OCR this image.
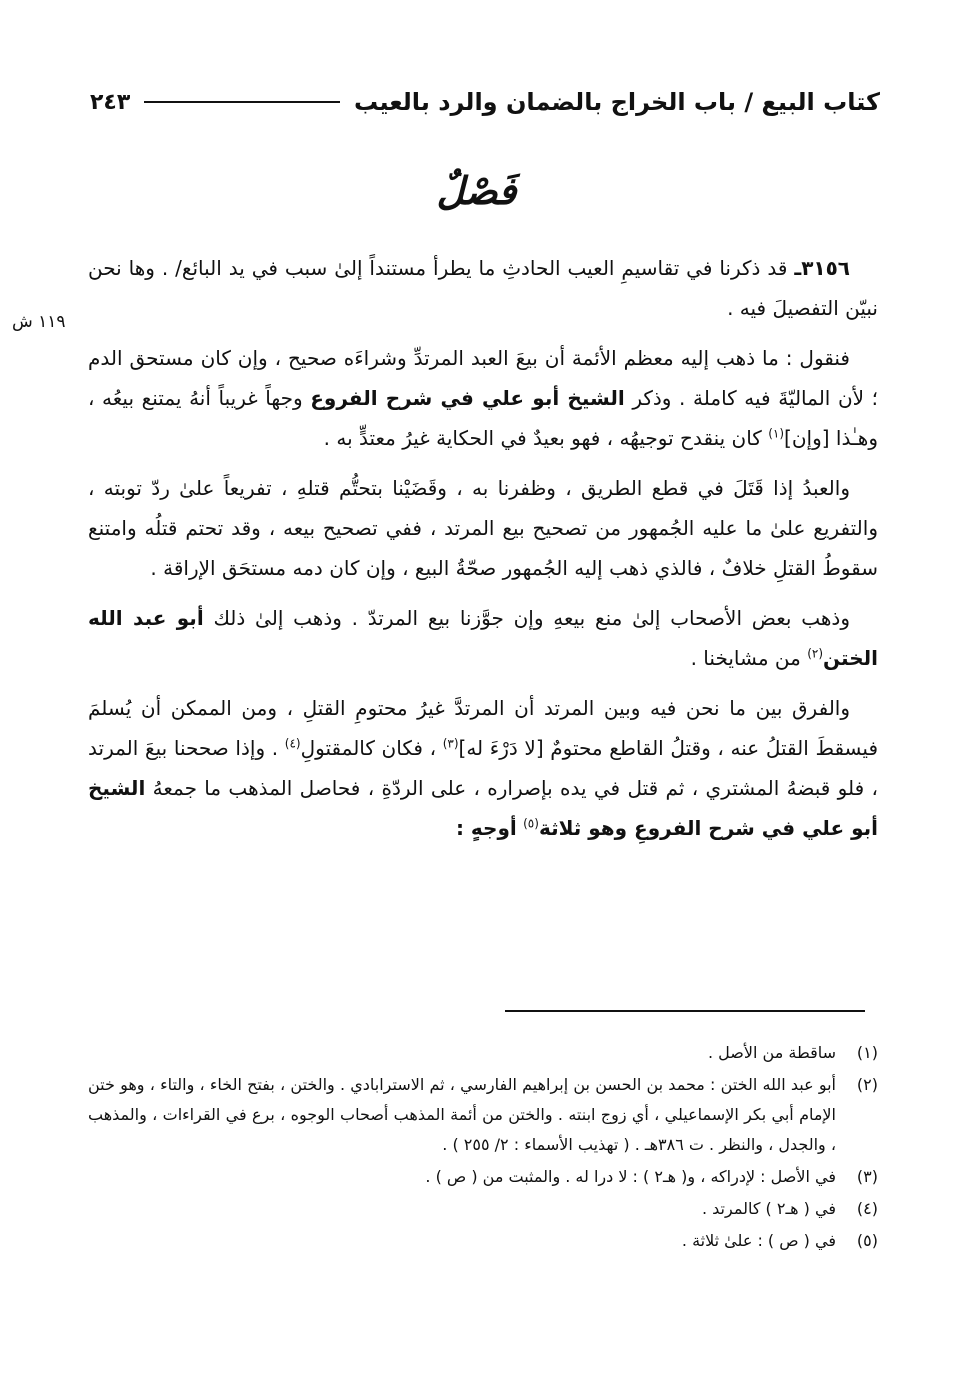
كتاب البيع / باب الخراج بالضمان والرد بالعيب
٢٤٣
فَصْلٌ
١١٩ ش

٣١٥٦ـ قد ذكرنا في تقاسيمِ العيب الحادثِ ما يطرأ مستنداً إلىٰ سبب في يد البائع/ . وها نحن نبيّن التفصيلَ فيه .

فنقول : ما ذهب إليه معظم الأئمة أن بيعَ العبد المرتدِّ وشراءَه صحيح ، وإن كان مستحق الدم ؛ لأن الماليّةَ فيه كاملة . وذكر الشيخ أبو علي في شرح الفروع وجهاً غريباً أنهُ يمتنع بيعُه ، وهـٰذا [وإن]$^{(١)}$ كان ينقدح توجيهُه ، فهو بعيدٌ في الحكاية غيرُ معتدٍّ به .

والعبدُ إذا قَتَلَ في قطع الطريق ، وظفرنا به ، وقَضَيْنا بتحتُّم قتلهِ ، تفريعاً علىٰ ردّ توبته ، والتفريع علىٰ ما عليه الجُمهور من تصحيح بيع المرتد ، ففي تصحيح بيعه ، وقد تحتم قتلُه وامتنع سقوطُ القتلِ خلافٌ ، فالذي ذهب إليه الجُمهور صحّةُ البيع ، وإن كان دمه مستحَق الإراقة .

وذهب بعض الأصحاب إلىٰ منع بيعهِ وإن جوَّزنا بيع المرتدّ . وذهب إلىٰ ذلك أبو عبد الله الختن$^{(٢)}$ من مشايخنا .

والفرق بين ما نحن فيه وبين المرتد أن المرتدَّ غيرُ محتومِ القتلِ ، ومن الممكن أن يُسلمَ فيسقطَ القتلُ عنه ، وقتلُ القاطع محتومٌ [لا دَرْءَ له]$^{(٣)}$ ، فكان كالمقتولِ$^{(٤)}$ . وإذا صححنا بيعَ المرتد ، فلو قبضهُ المشتري ، ثم قتل في يده بإصراره ، على الردّةِ ، فحاصل المذهب ما جمعهُ الشيخ أبو علي في شرح الفروعِ وهو ثلاثة$^{(٥)}$ أوجهٍ :

(١)
ساقطة من الأصل .
(٢)
أبو عبد الله الختن : محمد بن الحسن بن إبراهيم الفارسي ، ثم الاسترابادي . والختن ، بفتح الخاء ، والتاء ، وهو ختن الإمام أبي بكر الإسماعيلي ، أي زوج ابنته . والختن من أئمة المذهب أصحاب الوجوه ، برع في القراءات ، والمذهب ، والجدل ، والنظر . ت ٣٨٦هـ . ( تهذيب الأسماء : ٢/ ٢٥٥ ) .
(٣)
في الأصل : لإدراكه ، و( هـ٢ ) : لا درا له . والمثبت من ( ص ) .
(٤)
في ( هـ٢ ) كالمرتد .
(٥)
في ( ص ) : علىٰ ثلاثة .
